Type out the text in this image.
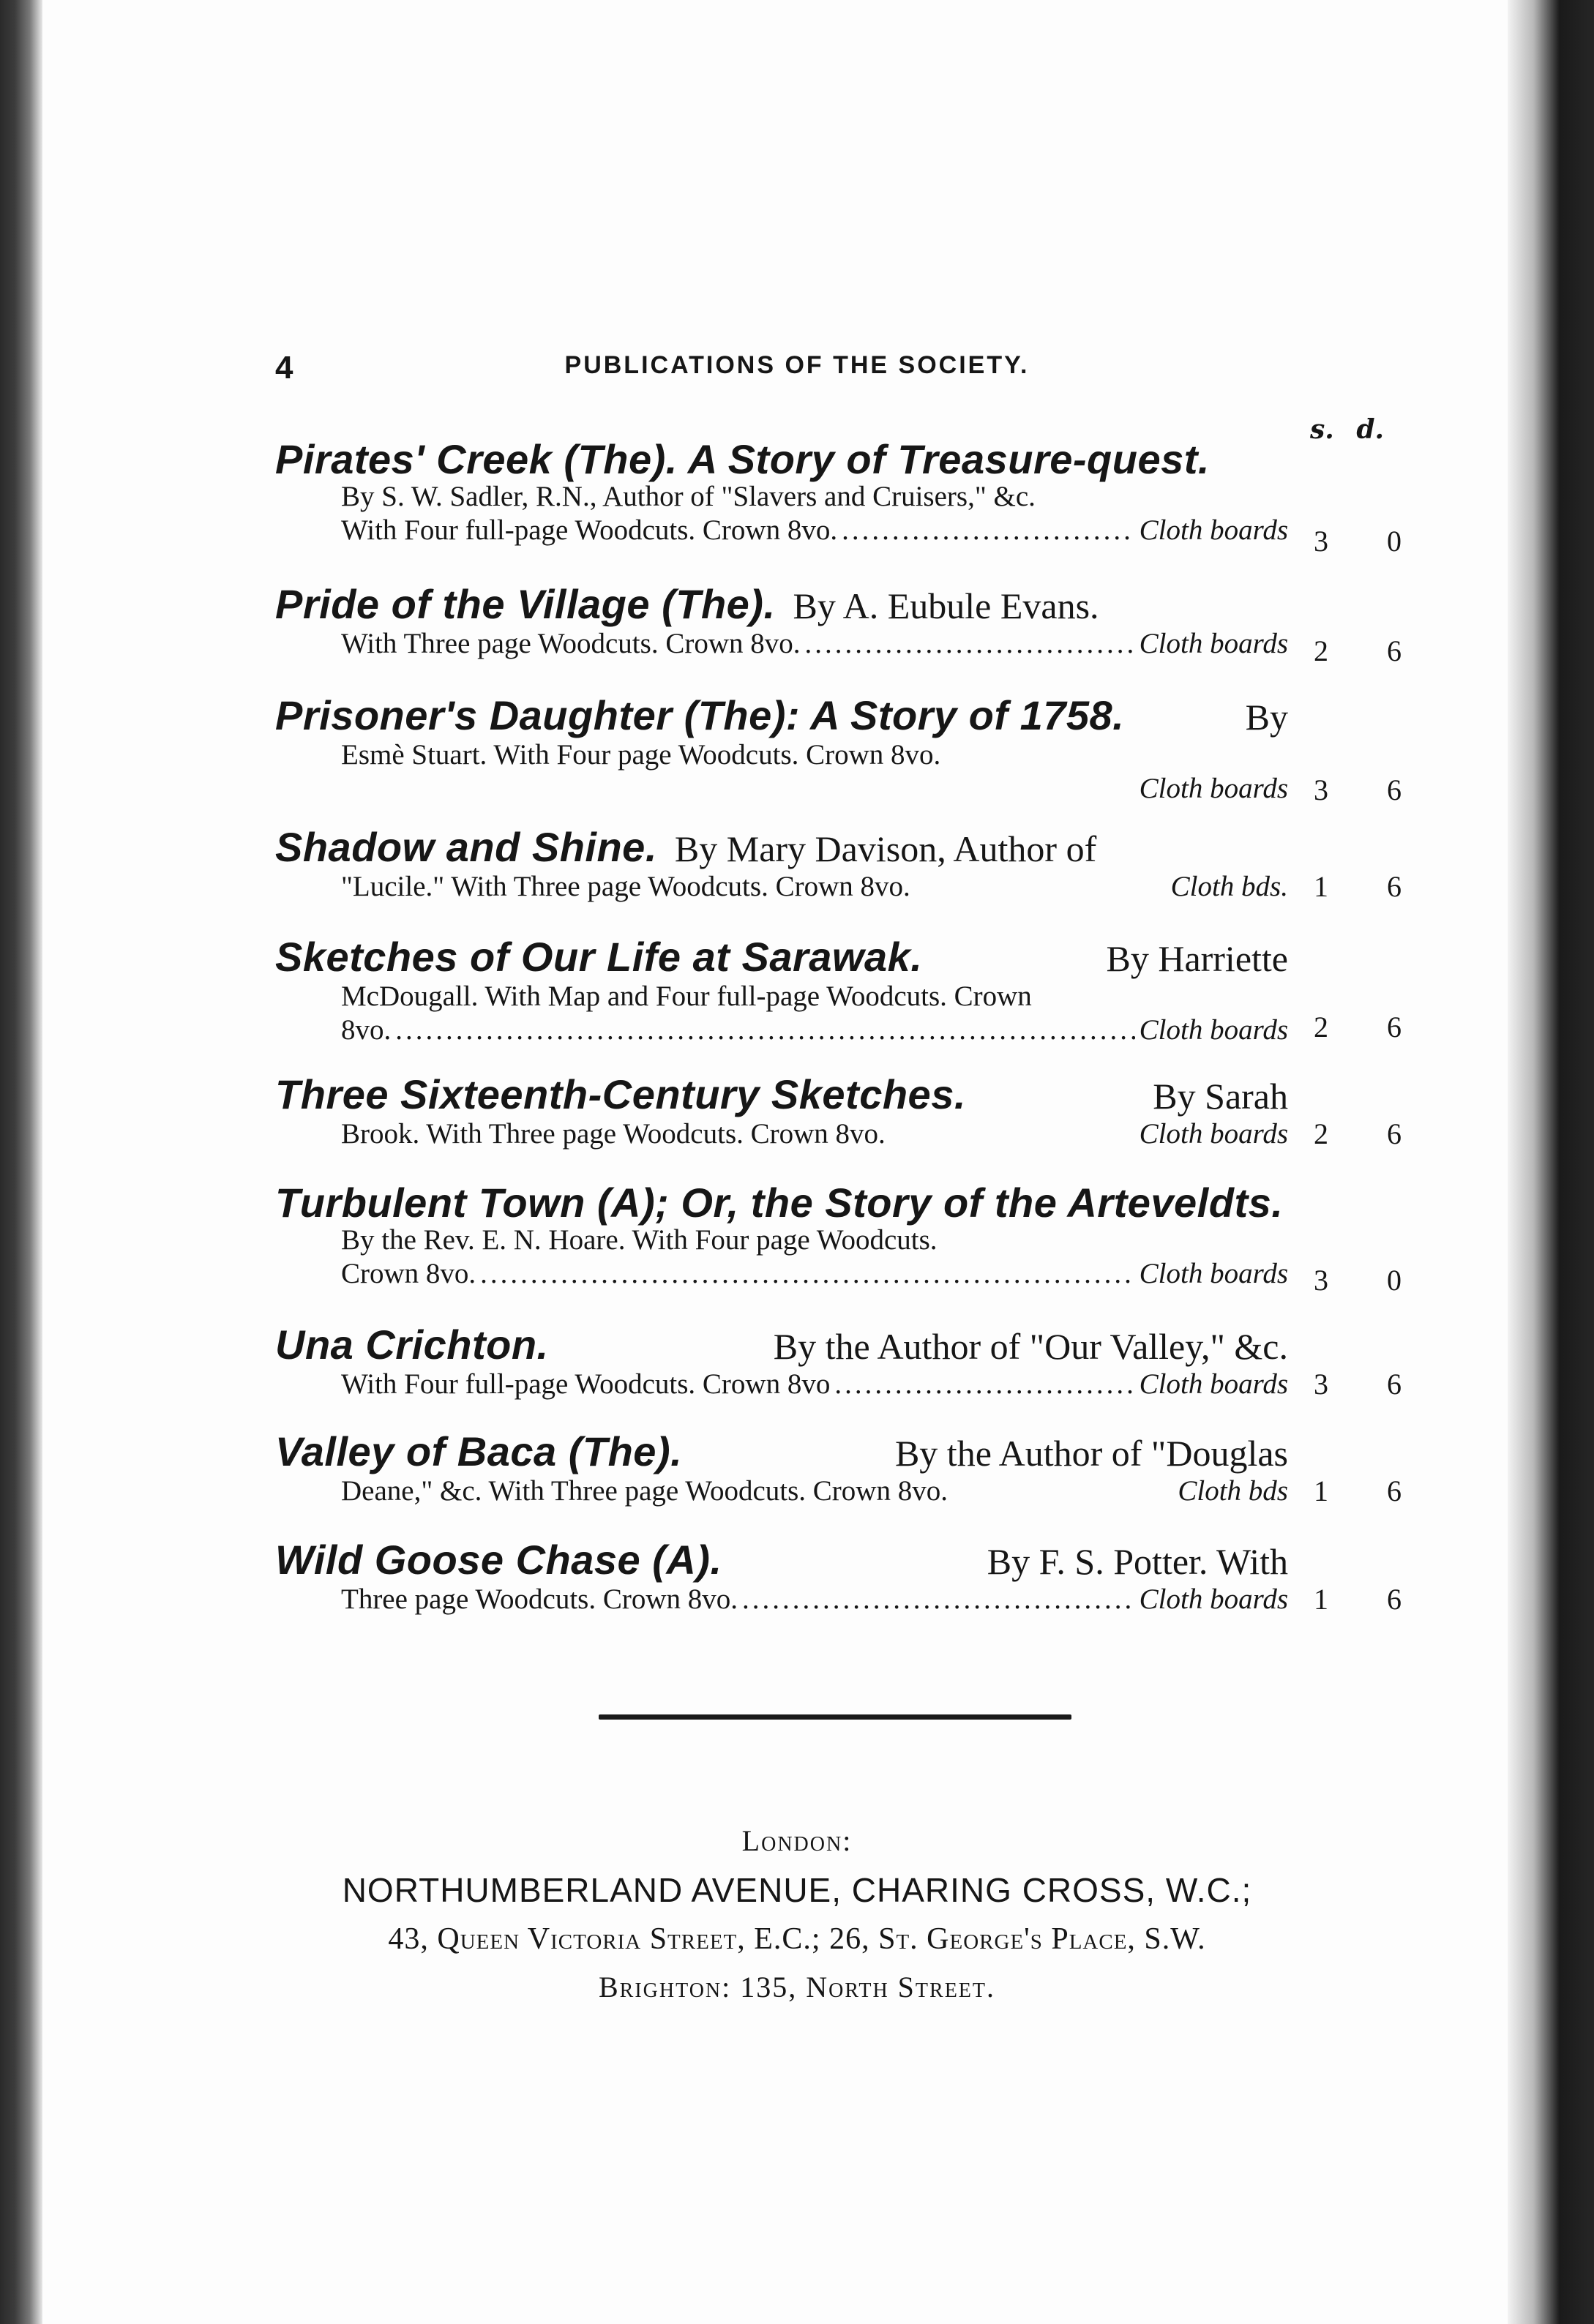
4	PUBLICATIONS OF THE SOCIETY.
s. d.
Pirates' Creek (The). A Story of Treasure-quest.
By S. W. Sadler, R.N., Author of "Slavers and Cruisers," &c.
With Four full-page Woodcuts. Crown 8vo. .....	Cloth boards 3 0
Pride of the Village (The). By A. Eubule Evans.
With Three page Woodcuts. Crown 8vo. .....	Cloth boards 2 6
Prisoner's Daughter (The): A Story of 1758.	By
Esmè Stuart. With Four page Woodcuts. Crown 8vo.
Cloth boards 3 6
Shadow and Shine. By Mary Davison, Author of
"Lucile." With Three page Woodcuts. Crown 8vo.	Cloth bds. 1 6
Sketches of Our Life at Sarawak.	By Harriette
McDougall. With Map and Four full-page Woodcuts. Crown
8vo. .....	Cloth boards 2 6
Three Sixteenth-Century Sketches.	By Sarah
Brook. With Three page Woodcuts. Crown 8vo.	Cloth boards 2 6
Turbulent Town (A); Or, the Story of the Arteveldts.
By the Rev. E. N. Hoare. With Four page Woodcuts.
Crown 8vo. .....	Cloth boards 3 0
Una Crichton.	By the Author of "Our Valley," &c.
With Four full-page Woodcuts. Crown 8vo .....	Cloth boards 3 6
Valley of Baca (The).	By the Author of "Douglas
Deane," &c. With Three page Woodcuts. Crown 8vo.	Cloth bds 1 6
Wild Goose Chase (A).	By F. S. Potter. With
Three page Woodcuts. Crown 8vo. .....	Cloth boards 1 6
London:
NORTHUMBERLAND AVENUE, CHARING CROSS, W.C.;
43, Queen Victoria Street, E.C.; 26, St. George's Place, S.W.
Brighton: 135, North Street.
